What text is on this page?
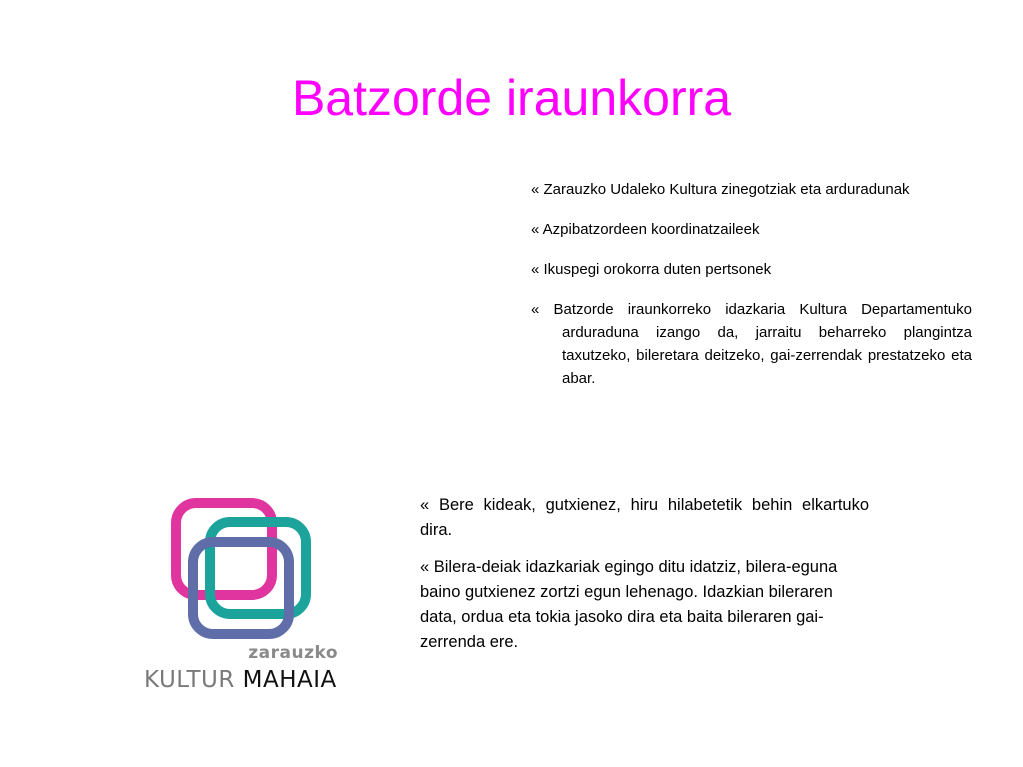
Batzorde iraunkorra

« Zarauzko Udaleko Kultura zinegotziak eta arduradunak

« Azpibatzordeen koordinatzaileek

« Ikuspegi orokorra duten pertsonek

« Batzorde iraunkorreko idazkaria Kultura Departamentuko arduraduna izango da, jarraitu beharreko plangintza taxutzeko, bileretara deitzeko, gai-zerrendak prestatzeko eta abar.

zarauzko
KULTUR MAHAIA

« Bere kideak, gutxienez, hiru hilabetetik behin elkartuko dira.

« Bilera-deiak idazkariak egingo ditu idatziz, bilera-eguna baino gutxienez zortzi egun lehenago. Idazkian bileraren data, ordua eta tokia jasoko dira eta baita bileraren gai-zerrenda ere.
